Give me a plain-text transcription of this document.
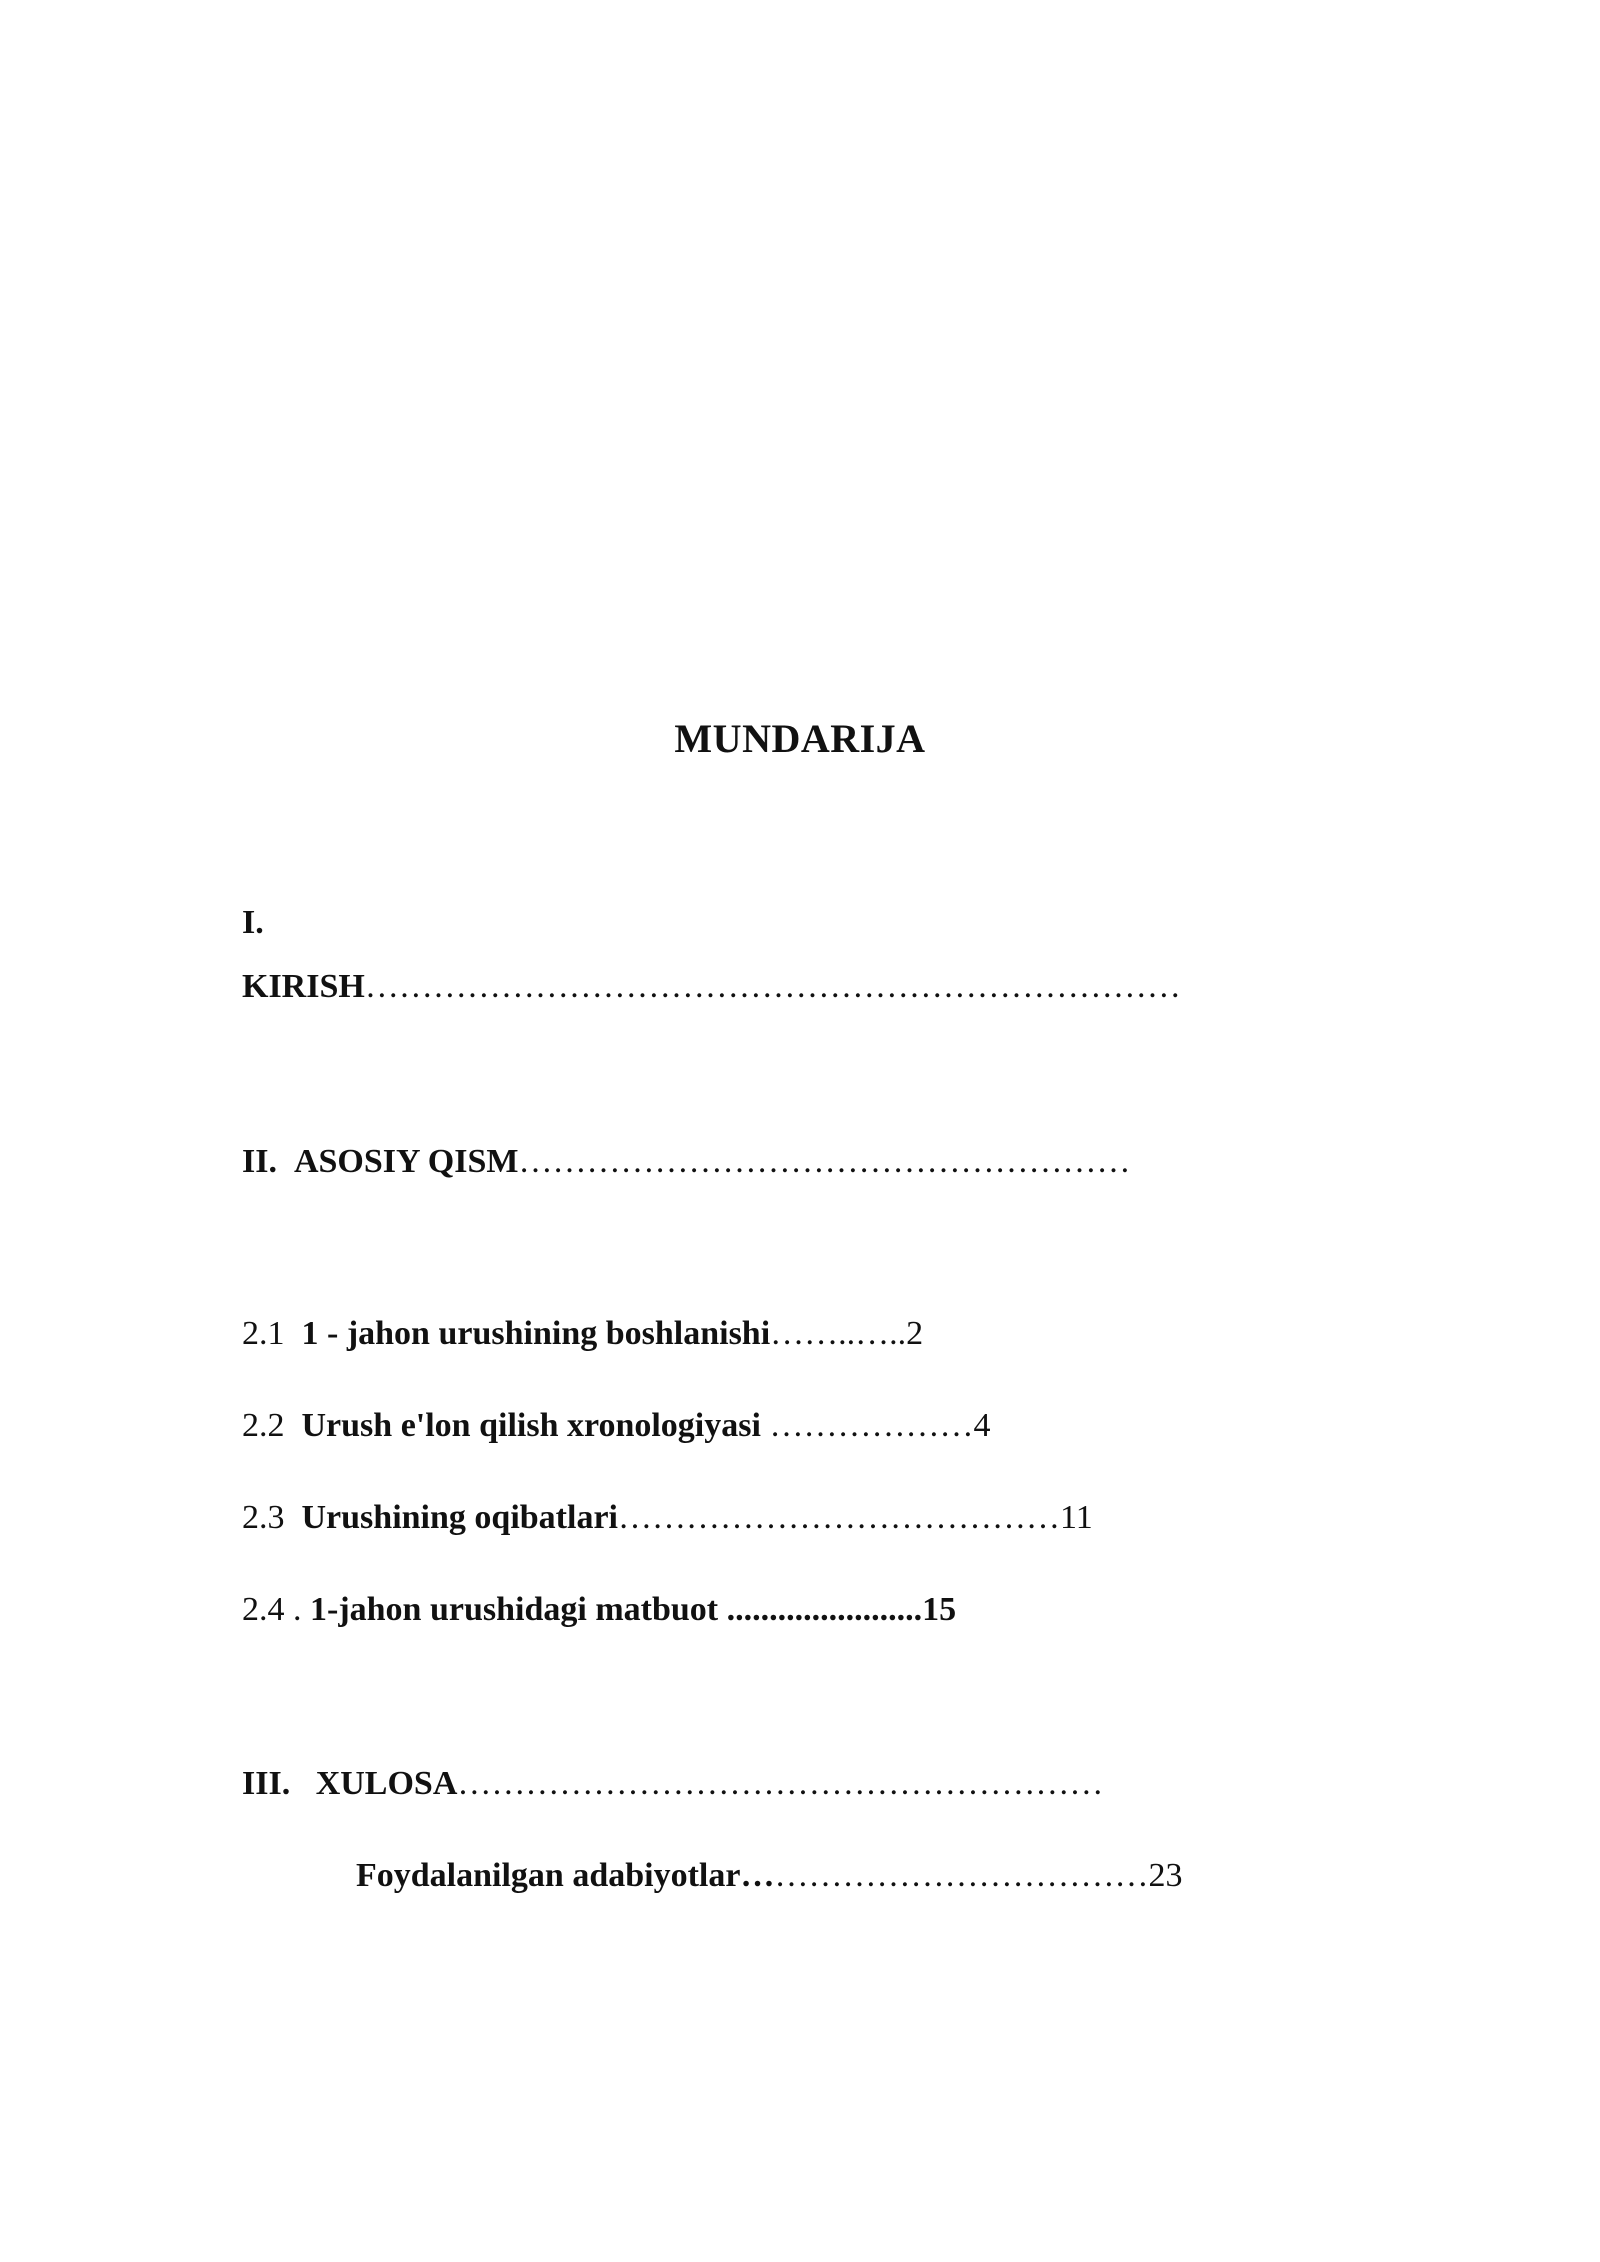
MUNDARIJA
I.
KIRISH………………………………………………………………
II. ASOSIY QISM………………………………………………
2.1 1 - jahon urushining boshlanishi……..…..2
2.2 Urush e'lon qilish xronologiyasi ………………4
2.3 Urushining oqibatlari…………………………………11
2.4 . 1-jahon urushidagi matbuot .......................15
III. XULOSA…………………………………………………
Foydalanilgan adabiyotlar………………………………23
